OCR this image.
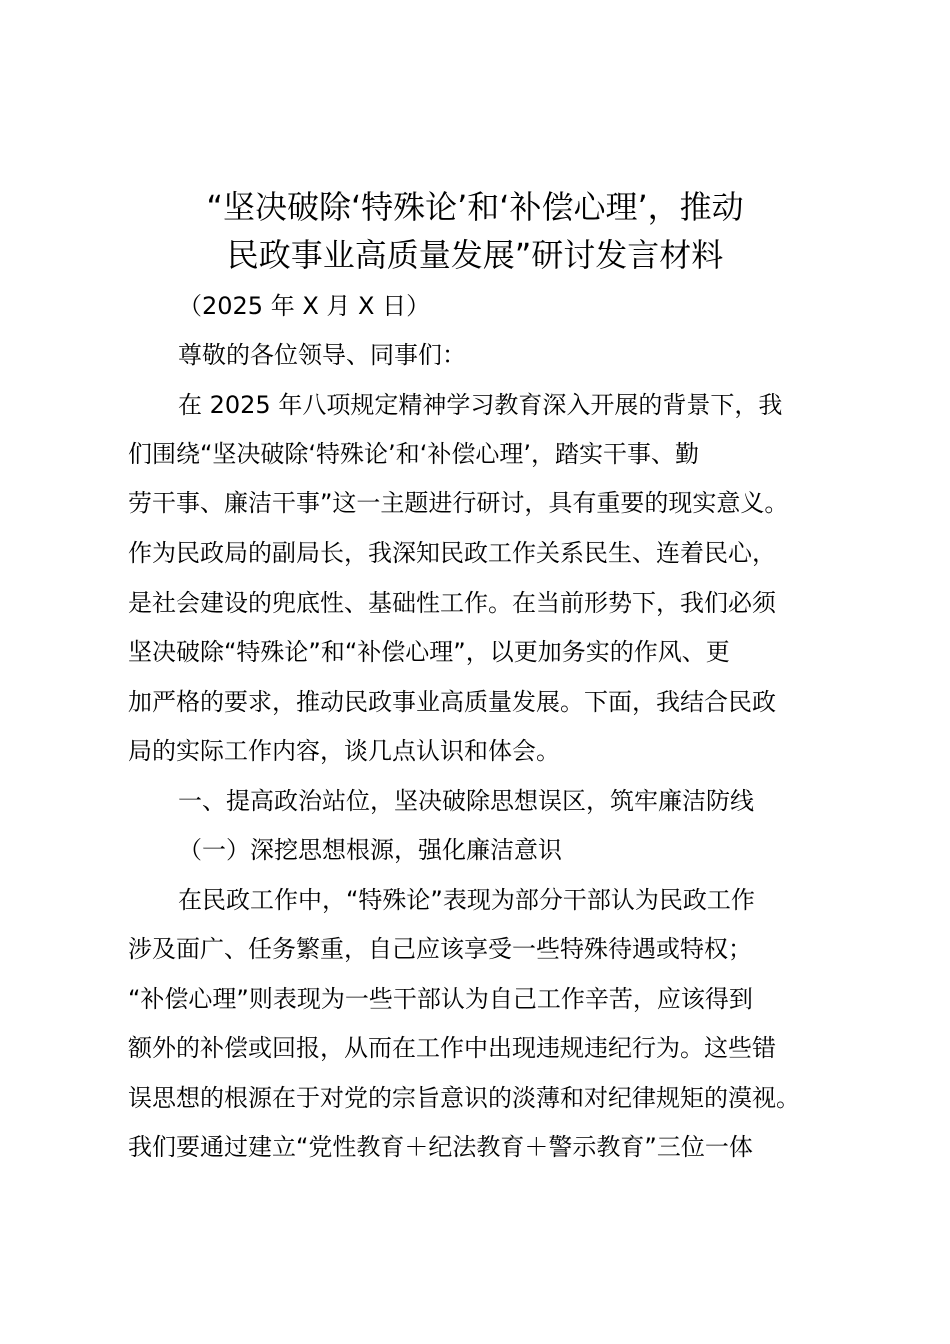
“坚决破除‘特殊论’和‘补偿心理’，推动
民政事业高质量发展”研讨发言材料
（2025 年 X 月 X 日）
尊敬的各位领导、同事们：
在 2025 年八项规定精神学习教育深入开展的背景下，我
们围绕“坚决破除‘特殊论’和‘补偿心理’，踏实干事、勤
劳干事、廉洁干事”这一主题进行研讨，具有重要的现实意义。
作为民政局的副局长，我深知民政工作关系民生、连着民心，
是社会建设的兜底性、基础性工作。在当前形势下，我们必须
坚决破除“特殊论”和“补偿心理”，以更加务实的作风、更
加严格的要求，推动民政事业高质量发展。下面，我结合民政
局的实际工作内容，谈几点认识和体会。
一、提高政治站位，坚决破除思想误区，筑牢廉洁防线
（一）深挖思想根源，强化廉洁意识
在民政工作中，“特殊论”表现为部分干部认为民政工作
涉及面广、任务繁重，自己应该享受一些特殊待遇或特权；
“补偿心理”则表现为一些干部认为自己工作辛苦，应该得到
额外的补偿或回报，从而在工作中出现违规违纪行为。这些错
误思想的根源在于对党的宗旨意识的淡薄和对纪律规矩的漠视。
我们要通过建立“党性教育＋纪法教育＋警示教育”三位一体
